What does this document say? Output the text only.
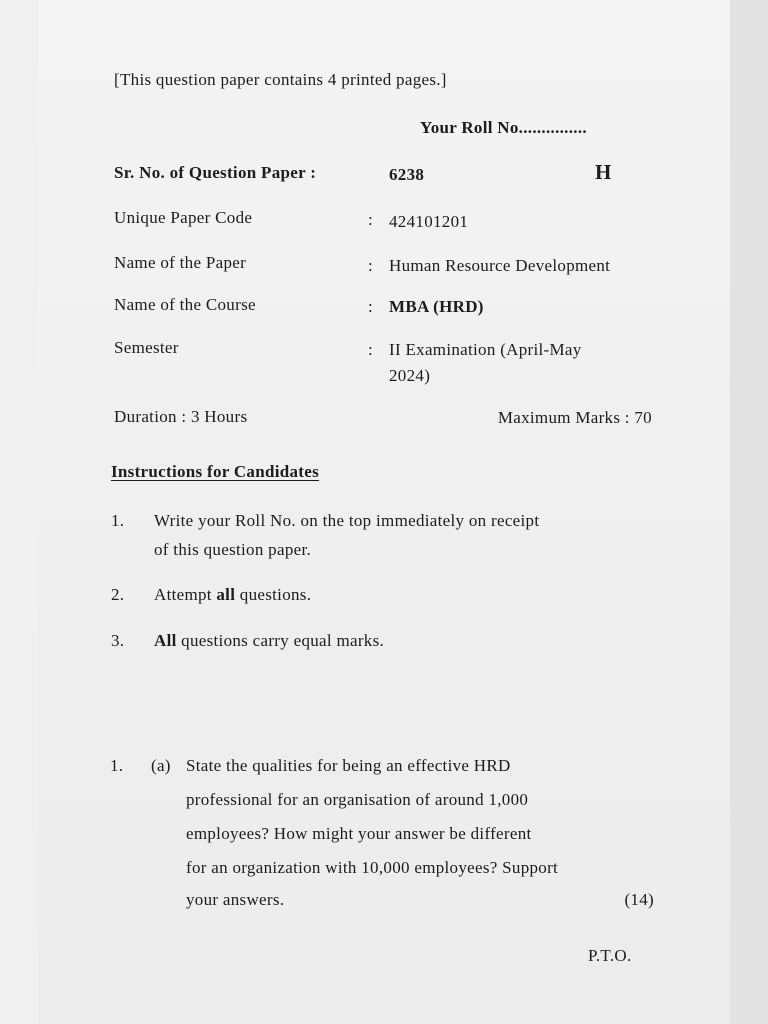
[This question paper contains 4 printed pages.]
Your Roll No...............
Sr. No. of Question Paper :	6238	H
Unique Paper Code	: 424101201
Name of the Paper	: Human Resource Development
Name of the Course	: MBA (HRD)
Semester	: II Examination (April-May
2024)
Duration : 3 Hours	Maximum Marks : 70
Instructions for Candidates
1. Write your Roll No. on the top immediately on receipt
of this question paper.
2. Attempt all questions.
3. All questions carry equal marks.
1. (a) State the qualities for being an effective HRD
professional for an organisation of around 1,000
employees? How might your answer be different
for an organization with 10,000 employees? Support
your answers.	(14)
P.T.O.
